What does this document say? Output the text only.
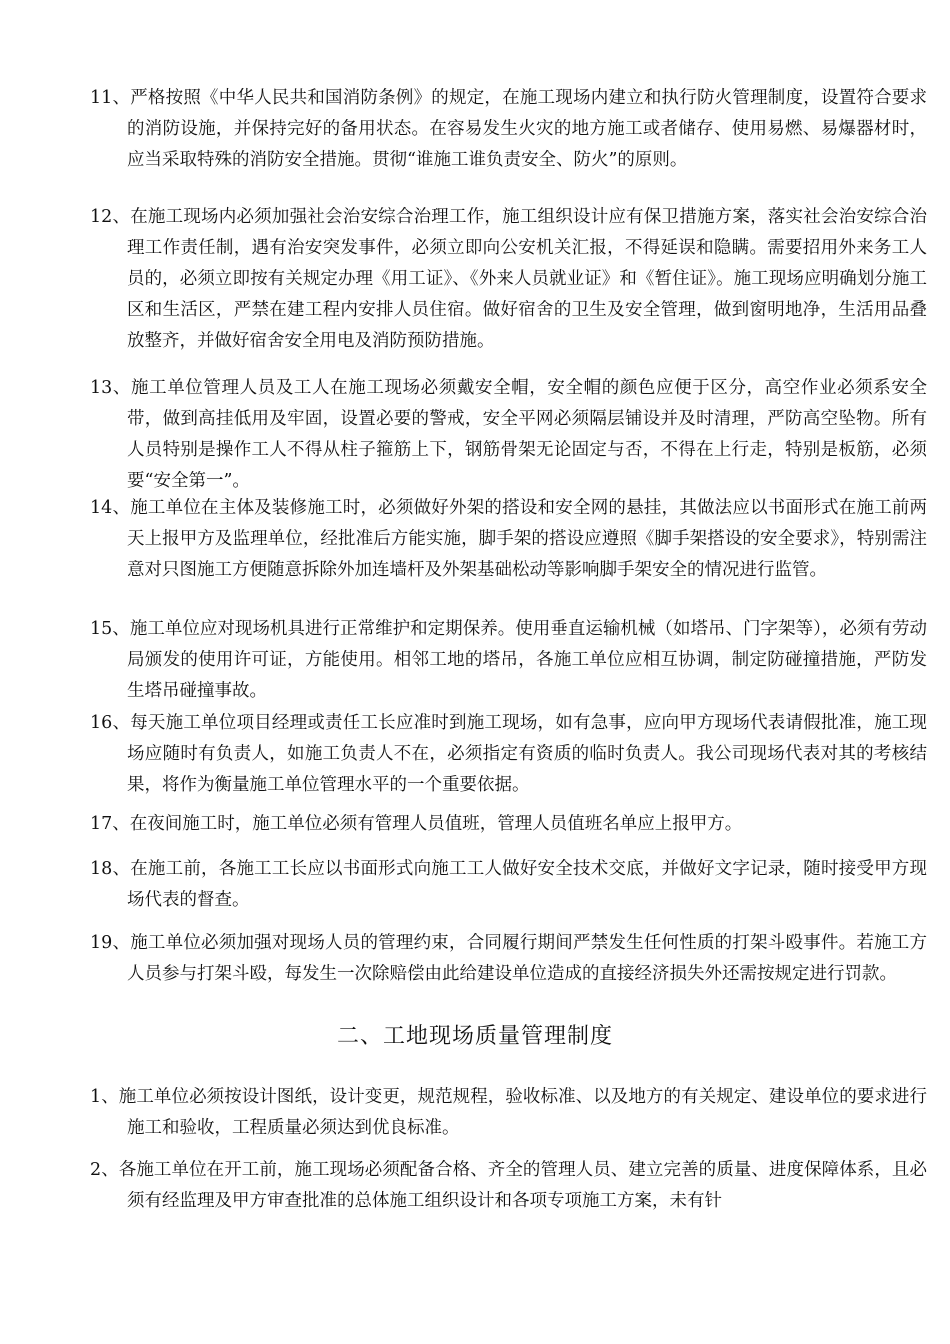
11、严格按照《中华人民共和国消防条例》的规定，在施工现场内建立和执行防火管理制度，设置符合要求的消防设施，并保持完好的备用状态。在容易发生火灾的地方施工或者储存、使用易燃、易爆器材时，应当采取特殊的消防安全措施。贯彻“谁施工谁负责安全、防火”的原则。
12、在施工现场内必须加强社会治安综合治理工作，施工组织设计应有保卫措施方案，落实社会治安综合治理工作责任制，遇有治安突发事件，必须立即向公安机关汇报，不得延误和隐瞒。需要招用外来务工人员的，必须立即按有关规定办理《用工证》、《外来人员就业证》和《暂住证》。施工现场应明确划分施工区和生活区，严禁在建工程内安排人员住宿。做好宿舍的卫生及安全管理，做到窗明地净，生活用品叠放整齐，并做好宿舍安全用电及消防预防措施。
13、施工单位管理人员及工人在施工现场必须戴安全帽，安全帽的颜色应便于区分，高空作业必须系安全带，做到高挂低用及牢固，设置必要的警戒，安全平网必须隔层铺设并及时清理，严防高空坠物。所有人员特别是操作工人不得从柱子箍筋上下，钢筋骨架无论固定与否，不得在上行走，特别是板筋，必须要“安全第一”。
14、施工单位在主体及装修施工时，必须做好外架的搭设和安全网的悬挂，其做法应以书面形式在施工前两天上报甲方及监理单位，经批准后方能实施，脚手架的搭设应遵照《脚手架搭设的安全要求》，特别需注意对只图施工方便随意拆除外加连墙杆及外架基础松动等影响脚手架安全的情况进行监管。
15、施工单位应对现场机具进行正常维护和定期保养。使用垂直运输机械（如塔吊、门字架等），必须有劳动局颁发的使用许可证，方能使用。相邻工地的塔吊，各施工单位应相互协调，制定防碰撞措施，严防发生塔吊碰撞事故。
16、每天施工单位项目经理或责任工长应准时到施工现场，如有急事，应向甲方现场代表请假批准，施工现场应随时有负责人，如施工负责人不在，必须指定有资质的临时负责人。我公司现场代表对其的考核结果，将作为衡量施工单位管理水平的一个重要依据。
17、在夜间施工时，施工单位必须有管理人员值班，管理人员值班名单应上报甲方。
18、在施工前，各施工工长应以书面形式向施工工人做好安全技术交底，并做好文字记录，随时接受甲方现场代表的督查。
19、施工单位必须加强对现场人员的管理约束，合同履行期间严禁发生任何性质的打架斗殴事件。若施工方人员参与打架斗殴，每发生一次除赔偿由此给建设单位造成的直接经济损失外还需按规定进行罚款。
二、工地现场质量管理制度
1、施工单位必须按设计图纸，设计变更，规范规程，验收标准、以及地方的有关规定、建设单位的要求进行施工和验收，工程质量必须达到优良标准。
2、各施工单位在开工前，施工现场必须配备合格、齐全的管理人员、建立完善的质量、进度保障体系，且必须有经监理及甲方审查批准的总体施工组织设计和各项专项施工方案，未有针
